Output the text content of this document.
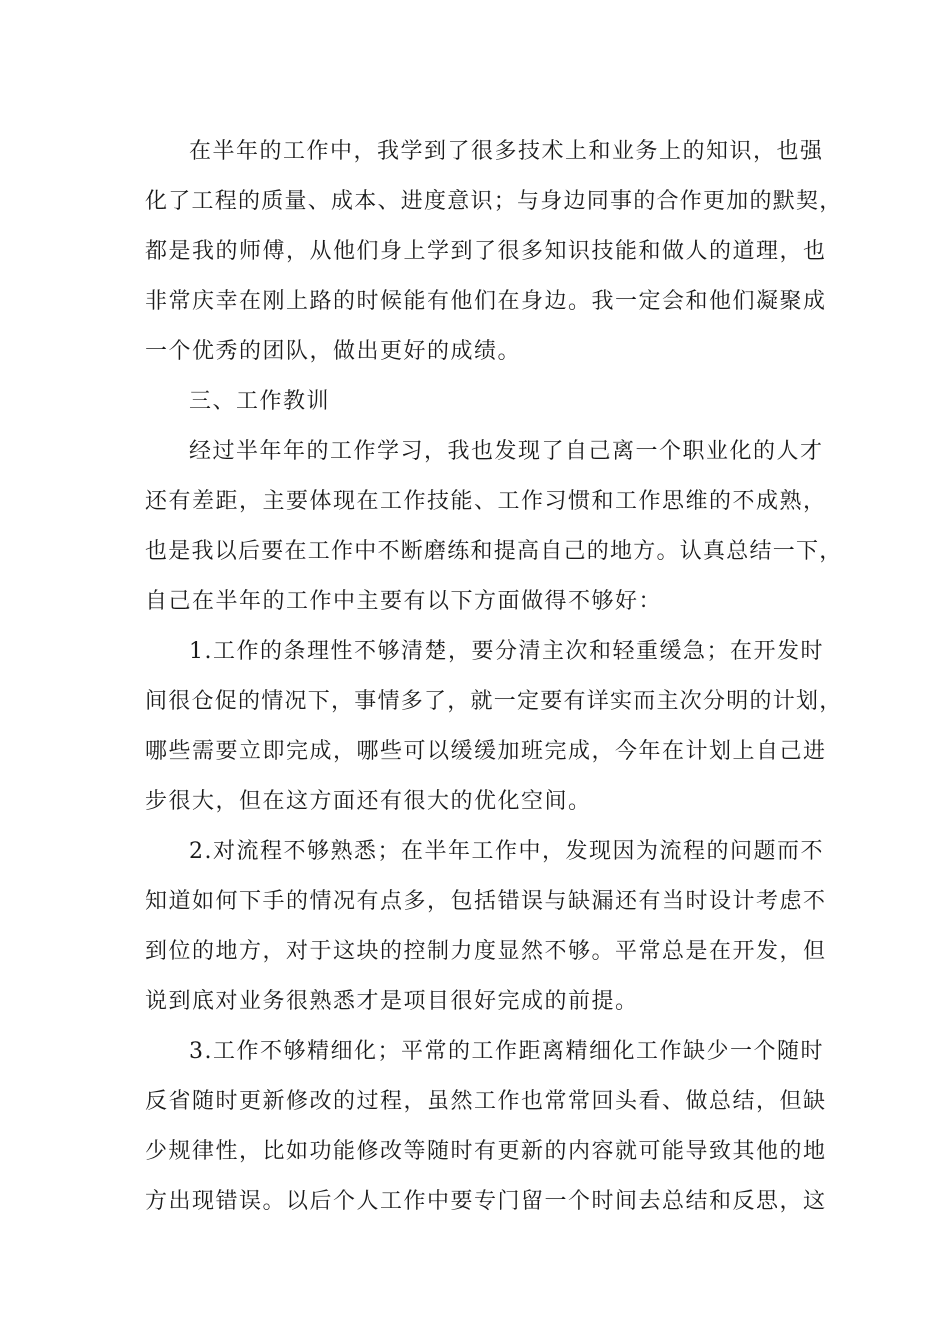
在半年的工作中，我学到了很多技术上和业务上的知识，也强
化了工程的质量、成本、进度意识；与身边同事的合作更加的默契，
都是我的师傅，从他们身上学到了很多知识技能和做人的道理，也
非常庆幸在刚上路的时候能有他们在身边。我一定会和他们凝聚成
一个优秀的团队，做出更好的成绩。
三、工作教训
经过半年年的工作学习，我也发现了自己离一个职业化的人才
还有差距，主要体现在工作技能、工作习惯和工作思维的不成熟，
也是我以后要在工作中不断磨练和提高自己的地方。认真总结一下，
自己在半年的工作中主要有以下方面做得不够好：
1.工作的条理性不够清楚，要分清主次和轻重缓急；在开发时
间很仓促的情况下，事情多了，就一定要有详实而主次分明的计划，
哪些需要立即完成，哪些可以缓缓加班完成，今年在计划上自己进
步很大，但在这方面还有很大的优化空间。
2.对流程不够熟悉；在半年工作中，发现因为流程的问题而不
知道如何下手的情况有点多，包括错误与缺漏还有当时设计考虑不
到位的地方，对于这块的控制力度显然不够。平常总是在开发，但
说到底对业务很熟悉才是项目很好完成的前提。
3.工作不够精细化；平常的工作距离精细化工作缺少一个随时
反省随时更新修改的过程，虽然工作也常常回头看、做总结，但缺
少规律性，比如功能修改等随时有更新的内容就可能导致其他的地
方出现错误。以后个人工作中要专门留一个时间去总结和反思，这
